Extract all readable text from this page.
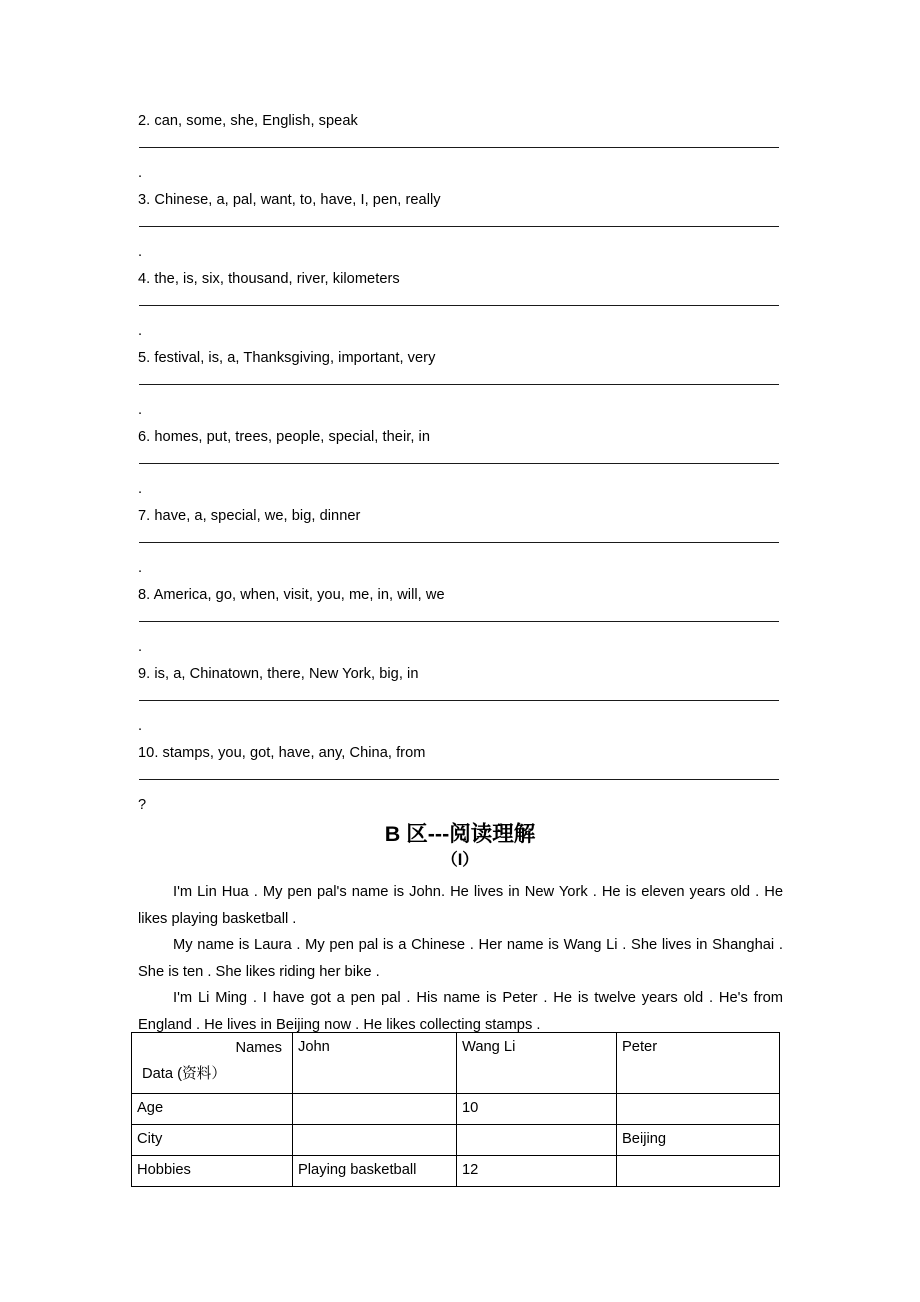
2. can, some, she, English, speak
.
3. Chinese, a, pal, want, to, have, I, pen, really
.
4. the, is, six, thousand, river, kilometers
.
5. festival, is, a, Thanksgiving, important, very
.
6. homes, put, trees, people, special, their, in
.
7. have, a, special, we, big, dinner
.
8. America, go, when, visit, you, me, in, will, we
.
9. is, a, Chinatown, there, New York, big, in
.
10. stamps, you, got, have, any, China, from
?
B 区---阅读理解
（I）

I'm Lin Hua . My pen pal's name is John. He lives in New York . He is eleven years old . He likes playing basketball .

My name is Laura . My pen pal is a Chinese . Her name is Wang Li . She lives in Shanghai . She is ten . She likes riding her bike .

I'm Li Ming . I have got a pen pal . His name is Peter . He is twelve years old . He's from England . He lives in Beijing now . He likes collecting stamps .

Names
Data (资料）	John	Wang Li	Peter
Age		10	
City			Beijing
Hobbies	Playing basketball	12	
